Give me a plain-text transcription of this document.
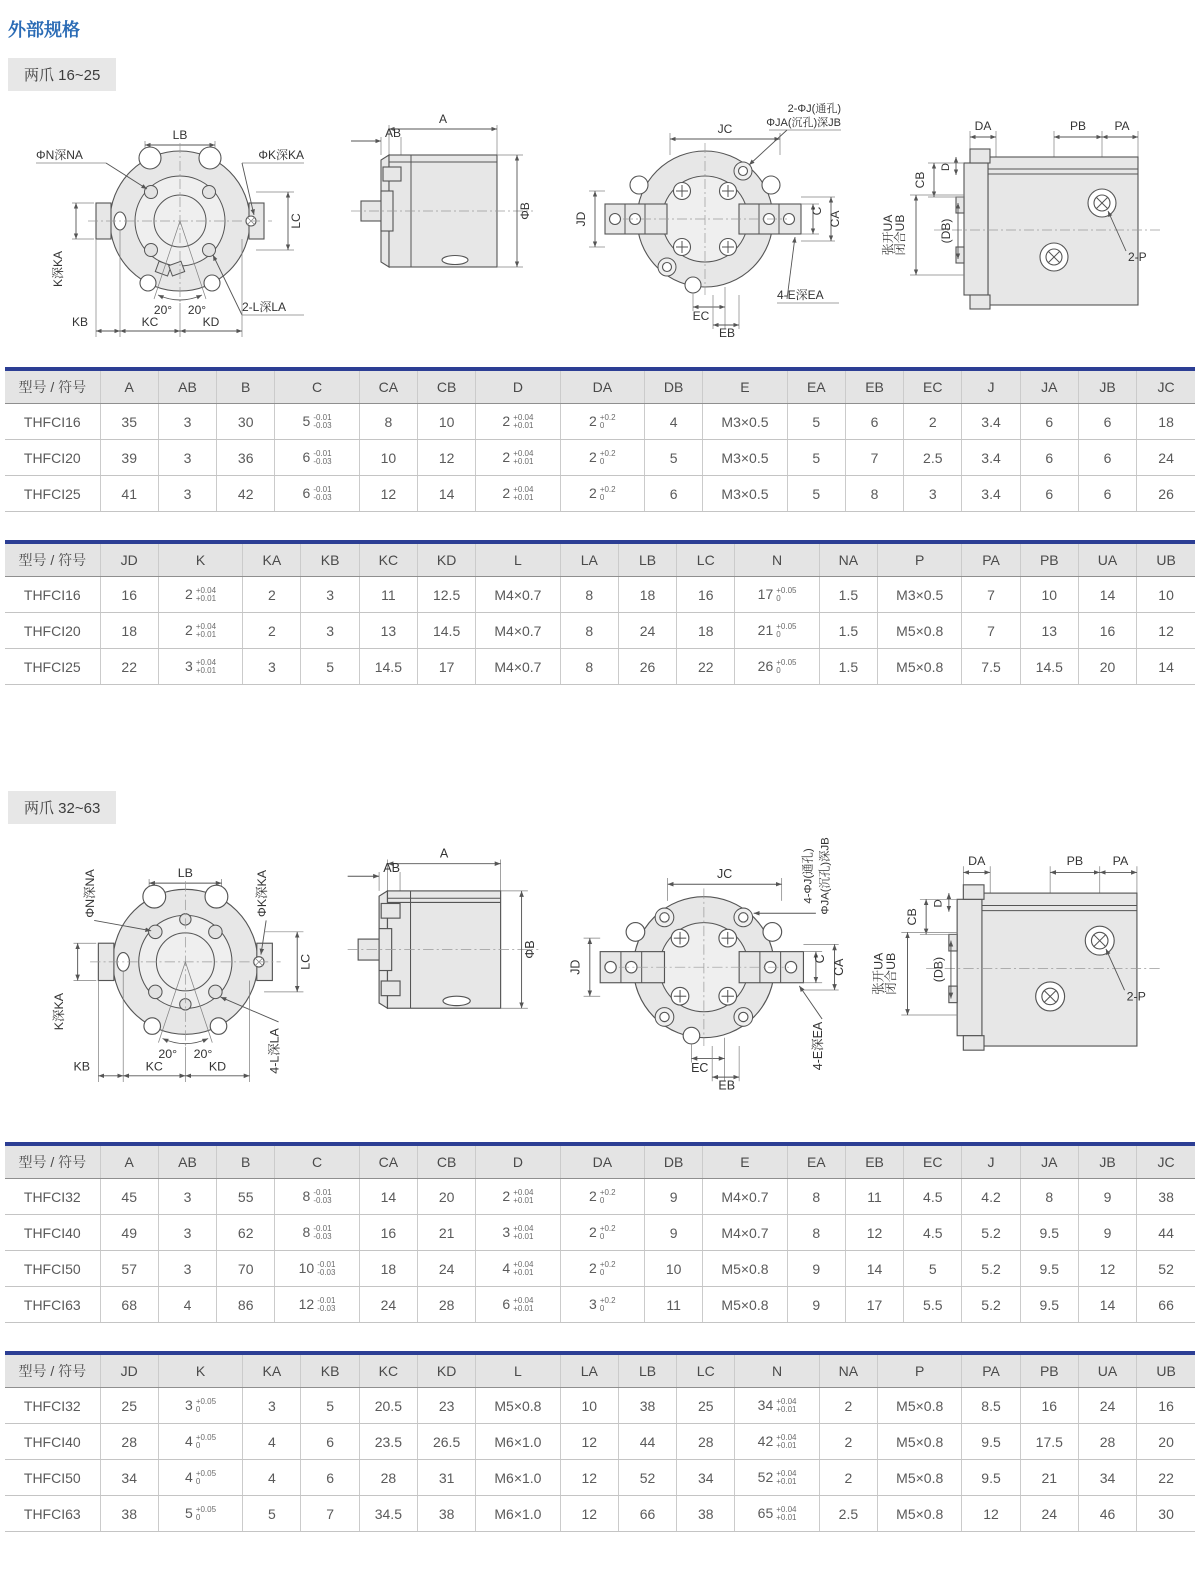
外部规格
两爪 16~25
LB
20° 20°
ΦN深NA	ΦK深KA
LC
K深KA
2-L深LA
KB	KC	KD
A
AB
ΦB
JC
2-ΦJ(通孔)
ΦJA(沉孔)深JB
JD
C CA
4-E深EA
EC
EB
DA	PB PA
CB
D
(DB)
张开UA
闭合UB
2-P
型号 / 符号	A	AB	B	C	CA	CB	D	DA	DB	E	EA	EB	EC	J	JA	JB	JC
THFCI16	35	3	30	5 -0.01
-0.03	8	10	2 +0.04
+0.01	2 +0.2
0	4	M3×0.5	5	6	2	3.4	6	6	18
THFCI20	39	3	36	6 -0.01
-0.03	10	12	2 +0.04
+0.01	2 +0.2
0	5	M3×0.5	5	7	2.5	3.4	6	6	24
THFCI25	41	3	42	6 -0.01
-0.03	12	14	2 +0.04
+0.01	2 +0.2
0	6	M3×0.5	5	8	3	3.4	6	6	26
型号 / 符号	JD	K	KA	KB	KC	KD	L	LA	LB	LC	N	NA	P	PA	PB	UA	UB
THFCI16	16	2 +0.04
+0.01	2	3	11	12.5	M4×0.7	8	18	16	17 +0.05
0	1.5	M3×0.5	7	10	14	10
THFCI20	18	2 +0.04
+0.01	2	3	13	14.5	M4×0.7	8	24	18	21 +0.05
0	1.5	M5×0.8	7	13	16	12
THFCI25	22	3 +0.04
+0.01	3	5	14.5	17	M4×0.7	8	26	22	26 +0.05
0	1.5	M5×0.8	7.5	14.5	20	14
两爪 32~63
LB
20° 20°
ΦN深NA	ΦK深KA
LC
K深KA
4-L深LA
KB	KC	KD
A
AB
ΦB
JC	4-ΦJ(通孔) ΦJA(沉孔)深JB
JD
C CA
4-E深EA
EC
EB
DA	PB PA
CB
D
(DB)
张开UA
闭合UB
2-P
型号 / 符号	A	AB	B	C	CA	CB	D	DA	DB	E	EA	EB	EC	J	JA	JB	JC
THFCI32	45	3	55	8 -0.01
-0.03	14	20	2 +0.04
+0.01	2 +0.2
0	9	M4×0.7	8	11	4.5	4.2	8	9	38
THFCI40	49	3	62	8 -0.01
-0.03	16	21	3 +0.04
+0.01	2 +0.2
0	9	M4×0.7	8	12	4.5	5.2	9.5	9	44
THFCI50	57	3	70	10 -0.01
-0.03	18	24	4 +0.04
+0.01	2 +0.2
0	10	M5×0.8	9	14	5	5.2	9.5	12	52
THFCI63	68	4	86	12 -0.01
-0.03	24	28	6 +0.04
+0.01	3 +0.2
0	11	M5×0.8	9	17	5.5	5.2	9.5	14	66
型号 / 符号	JD	K	KA	KB	KC	KD	L	LA	LB	LC	N	NA	P	PA	PB	UA	UB
THFCI32	25	3 +0.05
0	3	5	20.5	23	M5×0.8	10	38	25	34 +0.04
+0.01	2	M5×0.8	8.5	16	24	16
THFCI40	28	4 +0.05
0	4	6	23.5	26.5	M6×1.0	12	44	28	42 +0.04
+0.01	2	M5×0.8	9.5	17.5	28	20
THFCI50	34	4 +0.05
0	4	6	28	31	M6×1.0	12	52	34	52 +0.04
+0.01	2	M5×0.8	9.5	21	34	22
THFCI63	38	5 +0.05
0	5	7	34.5	38	M6×1.0	12	66	38	65 +0.04
+0.01	2.5	M5×0.8	12	24	46	30
